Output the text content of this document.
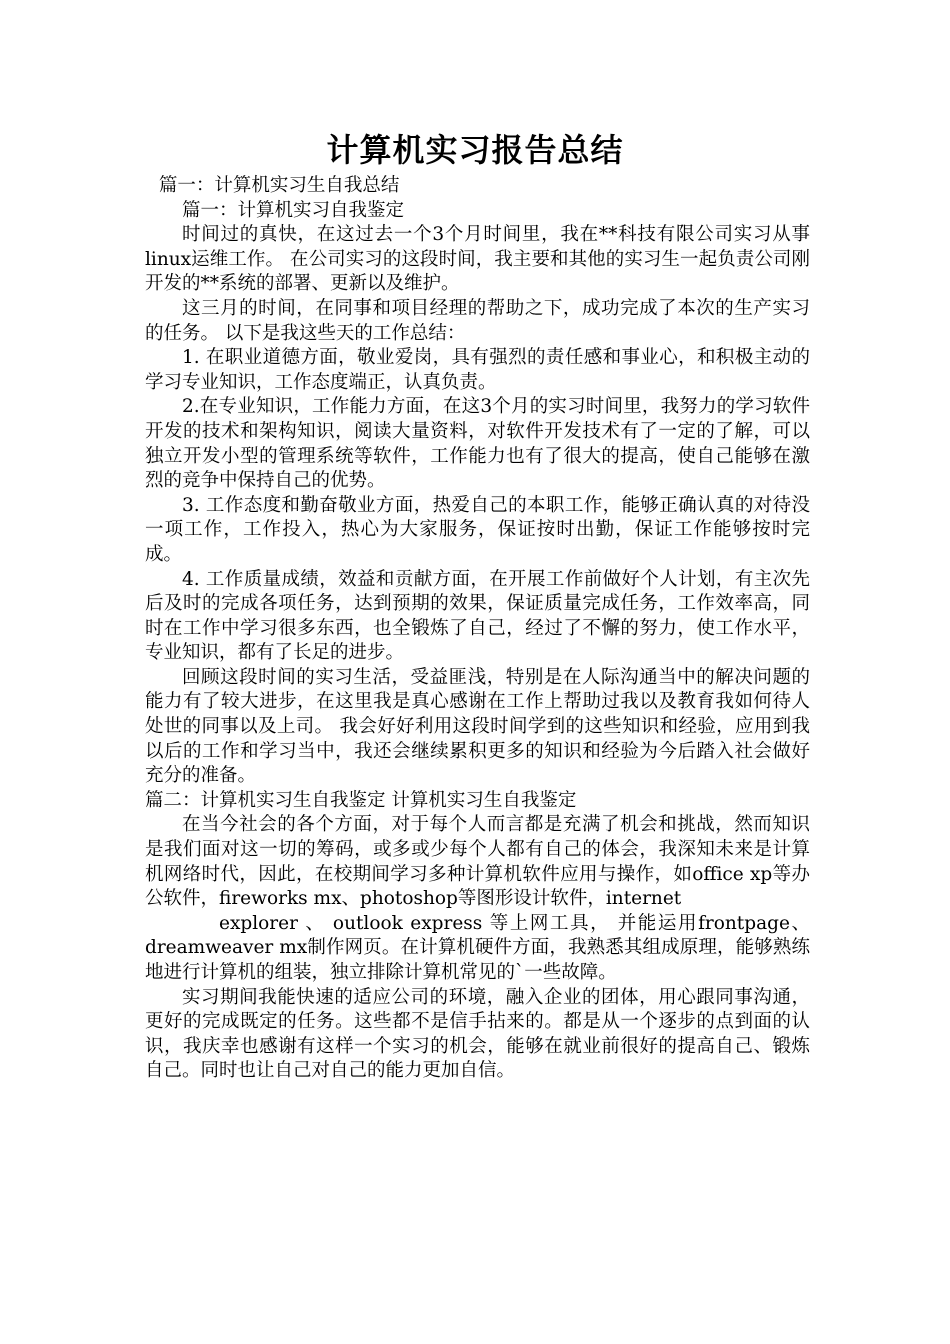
计算机实习报告总结

篇一：计算机实习生自我总结

篇一：计算机实习自我鉴定

时间过的真快，在这过去一个3个月时间里，我在**科技有限公司实习从事linux运维工作。 在公司实习的这段时间，我主要和其他的实习生一起负责公司刚开发的**系统的部署、更新以及维护。

这三月的时间，在同事和项目经理的帮助之下，成功完成了本次的生产实习的任务。 以下是我这些天的工作总结：

1. 在职业道德方面，敬业爱岗，具有强烈的责任感和事业心，和积极主动的学习专业知识，工作态度端正，认真负责。

2.在专业知识，工作能力方面，在这3个月的实习时间里，我努力的学习软件开发的技术和架构知识，阅读大量资料，对软件开发技术有了一定的了解，可以独立开发小型的管理系统等软件，工作能力也有了很大的提高，使自己能够在激烈的竞争中保持自己的优势。

3. 工作态度和勤奋敬业方面，热爱自己的本职工作，能够正确认真的对待没一项工作，工作投入，热心为大家服务，保证按时出勤，保证工作能够按时完成。

4. 工作质量成绩，效益和贡献方面，在开展工作前做好个人计划，有主次先后及时的完成各项任务，达到预期的效果，保证质量完成任务，工作效率高，同时在工作中学习很多东西，也全锻炼了自己，经过了不懈的努力，使工作水平，专业知识，都有了长足的进步。

回顾这段时间的实习生活，受益匪浅，特别是在人际沟通当中的解决问题的能力有了较大进步，在这里我是真心感谢在工作上帮助过我以及教育我如何待人处世的同事以及上司。 我会好好利用这段时间学到的这些知识和经验，应用到我以后的工作和学习当中，我还会继续累积更多的知识和经验为今后踏入社会做好充分的准备。

篇二：计算机实习生自我鉴定 计算机实习生自我鉴定

在当今社会的各个方面，对于每个人而言都是充满了机会和挑战，然而知识是我们面对这一切的筹码，或多或少每个人都有自己的体会，我深知未来是计算机网络时代，因此，在校期间学习多种计算机软件应用与操作，如office xp等办公软件，fireworks mx、photoshop等图形设计软件，internet

explorer 、 outlook express 等上网工具， 并能运用frontpage、dreamweaver mx制作网页。在计算机硬件方面，我熟悉其组成原理，能够熟练地进行计算机的组装，独立排除计算机常见的`一些故障。

实习期间我能快速的适应公司的环境，融入企业的团体，用心跟同事沟通，更好的完成既定的任务。这些都不是信手拈来的。都是从一个逐步的点到面的认识，我庆幸也感谢有这样一个实习的机会，能够在就业前很好的提高自己、锻炼自己。同时也让自己对自己的能力更加自信。
